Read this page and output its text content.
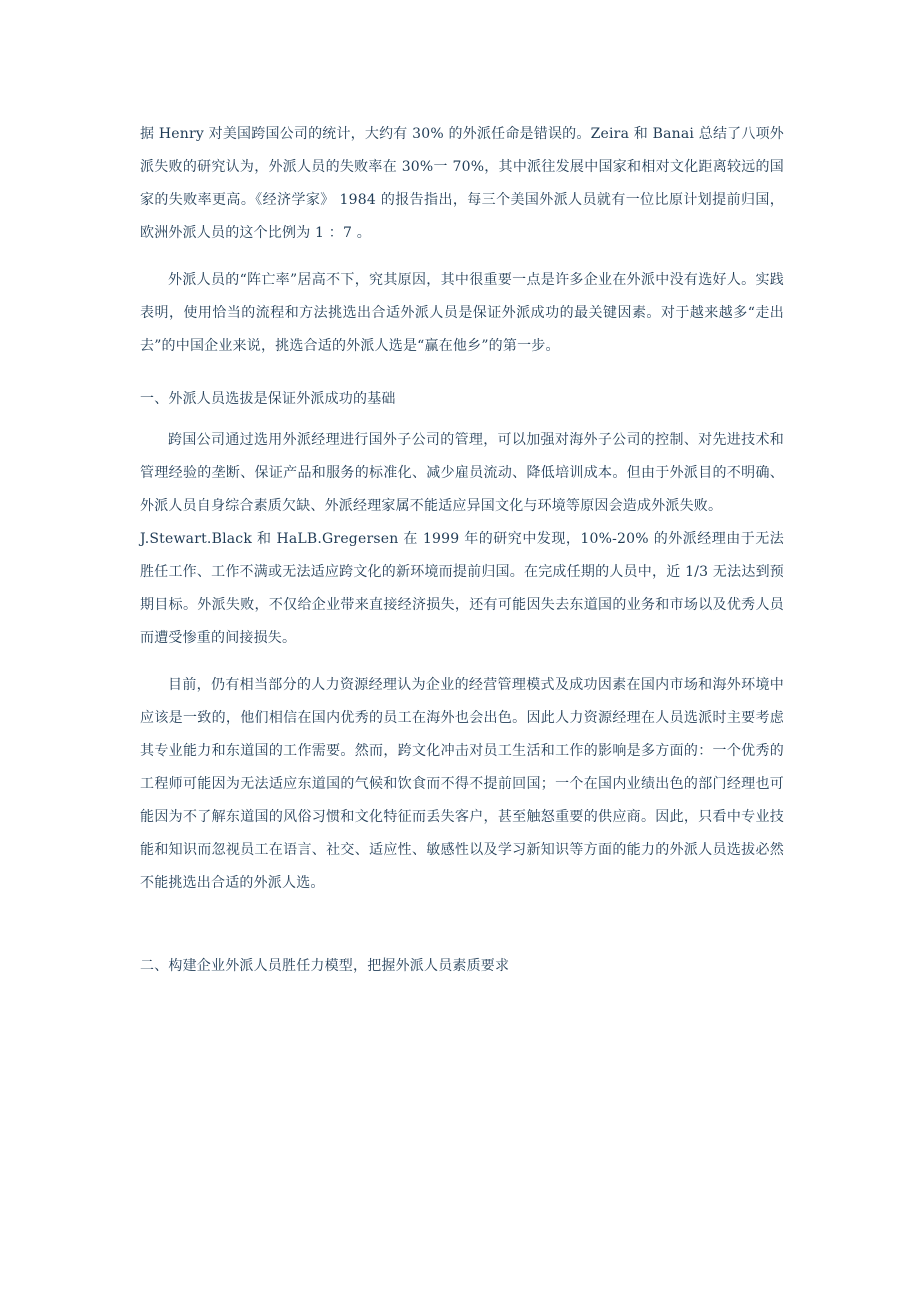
据 Henry 对美国跨国公司的统计，大约有 30% 的外派任命是错误的。Zeira 和 Banai 总结了八项外派失败的研究认为，外派人员的失败率在 30%一 70%，其中派往发展中国家和相对文化距离较远的国家的失败率更高。《经济学家》 1984 的报告指出，每三个美国外派人员就有一位比原计划提前归国，欧洲外派人员的这个比例为 1 ：7 。

外派人员的“阵亡率”居高不下，究其原因，其中很重要一点是许多企业在外派中没有选好人。实践表明，使用恰当的流程和方法挑选出合适外派人员是保证外派成功的最关键因素。对于越来越多“走出去”的中国企业来说，挑选合适的外派人选是“赢在他乡”的第一步。

一、外派人员选拔是保证外派成功的基础

跨国公司通过选用外派经理进行国外子公司的管理，可以加强对海外子公司的控制、对先进技术和管理经验的垄断、保证产品和服务的标准化、减少雇员流动、降低培训成本。但由于外派目的不明确、外派人员自身综合素质欠缺、外派经理家属不能适应异国文化与环境等原因会造成外派失败。

J.Stewart.Black 和 HaLB.Gregersen 在 1999 年的研究中发现，10%-20% 的外派经理由于无法胜任工作、工作不满或无法适应跨文化的新环境而提前归国。在完成任期的人员中，近 1/3 无法达到预期目标。外派失败，不仅给企业带来直接经济损失，还有可能因失去东道国的业务和市场以及优秀人员而遭受惨重的间接损失。

目前，仍有相当部分的人力资源经理认为企业的经营管理模式及成功因素在国内市场和海外环境中应该是一致的，他们相信在国内优秀的员工在海外也会出色。因此人力资源经理在人员选派时主要考虑其专业能力和东道国的工作需要。然而，跨文化冲击对员工生活和工作的影响是多方面的：一个优秀的工程师可能因为无法适应东道国的气候和饮食而不得不提前回国；一个在国内业绩出色的部门经理也可能因为不了解东道国的风俗习惯和文化特征而丢失客户，甚至触怒重要的供应商。因此，只看中专业技能和知识而忽视员工在语言、社交、适应性、敏感性以及学习新知识等方面的能力的外派人员选拔必然不能挑选出合适的外派人选。

二、构建企业外派人员胜任力模型，把握外派人员素质要求
